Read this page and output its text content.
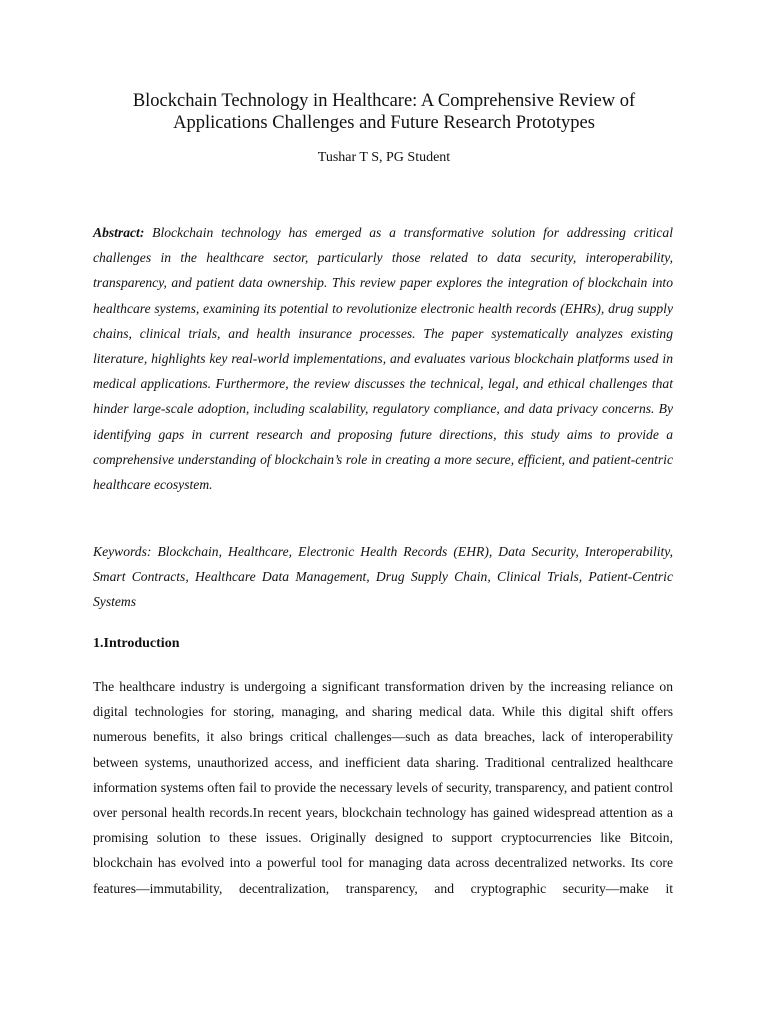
Blockchain Technology in Healthcare: A Comprehensive Review of
Applications Challenges and Future Research Prototypes
Tushar T S, PG Student

Abstract: Blockchain technology has emerged as a transformative solution for addressing critical challenges in the healthcare sector, particularly those related to data security, interoperability, transparency, and patient data ownership. This review paper explores the integration of blockchain into healthcare systems, examining its potential to revolutionize electronic health records (EHRs), drug supply chains, clinical trials, and health insurance processes. The paper systematically analyzes existing literature, highlights key real-world implementations, and evaluates various blockchain platforms used in medical applications. Furthermore, the review discusses the technical, legal, and ethical challenges that hinder large-scale adoption, including scalability, regulatory compliance, and data privacy concerns. By identifying gaps in current research and proposing future directions, this study aims to provide a comprehensive understanding of blockchain’s role in creating a more secure, efficient, and patient-centric healthcare ecosystem.

Keywords: Blockchain, Healthcare, Electronic Health Records (EHR), Data Security, Interoperability, Smart Contracts, Healthcare Data Management, Drug Supply Chain, Clinical Trials, Patient-Centric Systems

1.Introduction

The healthcare industry is undergoing a significant transformation driven by the increasing reliance on digital technologies for storing, managing, and sharing medical data. While this digital shift offers numerous benefits, it also brings critical challenges—such as data breaches, lack of interoperability between systems, unauthorized access, and inefficient data sharing. Traditional centralized healthcare information systems often fail to provide the necessary levels of security, transparency, and patient control over personal health records.In recent years, blockchain technology has gained widespread attention as a promising solution to these issues. Originally designed to support cryptocurrencies like Bitcoin, blockchain has evolved into a powerful tool for managing data across decentralized networks. Its core features—immutability, decentralization, transparency, and cryptographic security—make it
